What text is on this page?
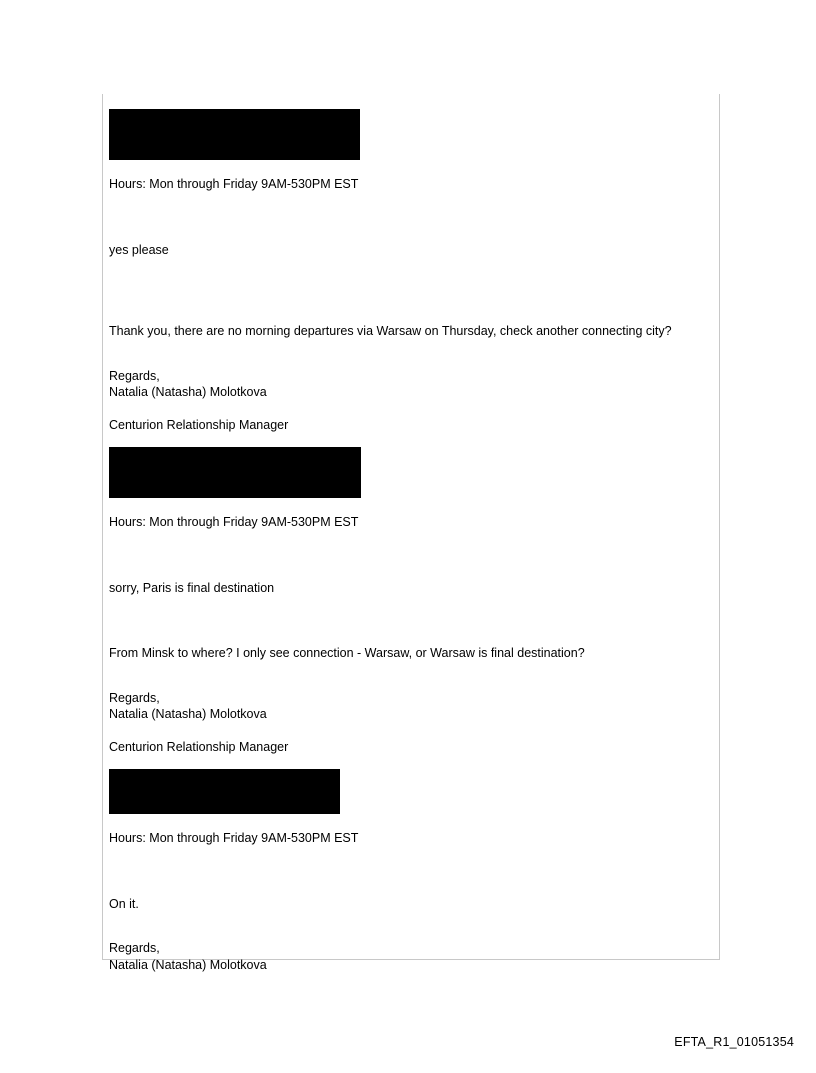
Hours: Mon through Friday 9AM-530PM EST
yes please
Thank you, there are no morning departures via Warsaw on Thursday, check another connecting city?
Regards,
Natalia (Natasha) Molotkova
Centurion Relationship Manager
Hours: Mon through Friday 9AM-530PM EST
sorry, Paris is final destination
From Minsk to where? I only see connection - Warsaw, or Warsaw is final destination?
Regards,
Natalia (Natasha) Molotkova
Centurion Relationship Manager
Hours: Mon through Friday 9AM-530PM EST
On it.
Regards,
Natalia (Natasha) Molotkova
EFTA_R1_01051354
